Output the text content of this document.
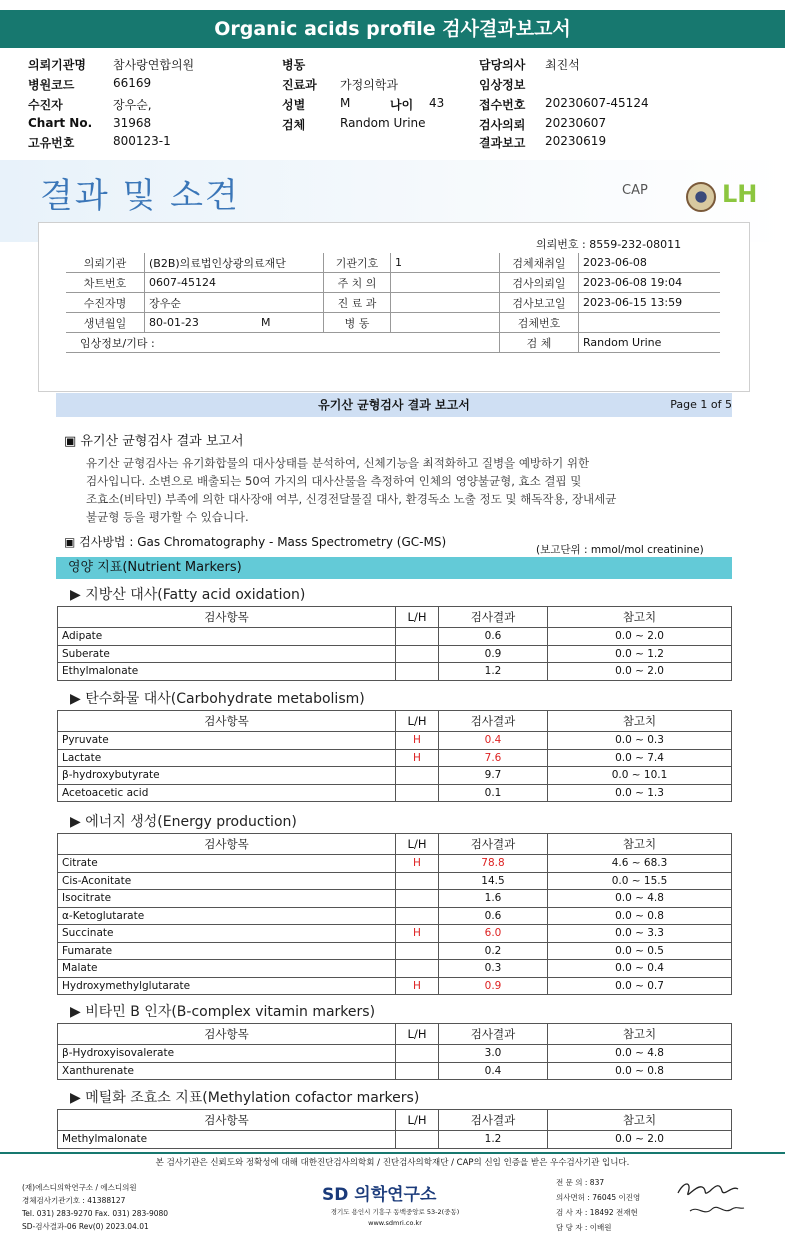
Organic acids profile 검사결과보고서
의뢰기관명 참사랑연합의원	병동	담당의사 최진석
병원코드	66169	진료과 가정의학과	임상정보
수진자	장우순,	성별	M	나이 43	접수번호 20230607-45124
Chart No. 31968	검체	Random Urine	검사의뢰 20230607
고유번호	800123-1	결과보고 20230619
결과 및 소견	CAP	LH
의뢰번호 : 8559-232-08011
의뢰기관	(B2B)의료법인상광의료재단	기관기호	1	검체채취일	2023-06-08
차트번호	0607-45124	주 치 의		검사의뢰일	2023-06-08 19:04
수진자명	장우순	진 료 과		검사보고일	2023-06-15 13:59
생년월일	80-01-23 M	병 동		검체번호	
임상정보/기타 :				검 체	Random Urine
유기산 균형검사 결과 보고서	Page 1 of 5
▣ 유기산 균형검사 결과 보고서
유기산 균형검사는 유기화합물의 대사상태를 분석하여, 신체기능을 최적화하고 질병을 예방하기 위한
검사입니다. 소변으로 배출되는 50여 가지의 대사산물을 측정하여 인체의 영양불균형, 효소 결핍 및
조효소(비타민) 부족에 의한 대사장애 여부, 신경전달물질 대사, 환경독소 노출 정도 및 해독작용, 장내세균
불균형 등을 평가할 수 있습니다.
▣ 검사방법 : Gas Chromatography - Mass Spectrometry (GC-MS)
(보고단위 : mmol/mol creatinine)
영양 지표(Nutrient Markers)
▶ 지방산 대사(Fatty acid oxidation)
검사항목	L/H	검사결과	참고치
Adipate		0.6	0.0 ~ 2.0
Suberate		0.9	0.0 ~ 1.2
Ethylmalonate		1.2	0.0 ~ 2.0
▶ 탄수화물 대사(Carbohydrate metabolism)
검사항목	L/H	검사결과	참고치
Pyruvate	H	0.4	0.0 ~ 0.3
Lactate	H	7.6	0.0 ~ 7.4
β-hydroxybutyrate		9.7	0.0 ~ 10.1
Acetoacetic acid		0.1	0.0 ~ 1.3
▶ 에너지 생성(Energy production)
검사항목	L/H	검사결과	참고치
Citrate	H	78.8	4.6 ~ 68.3
Cis-Aconitate		14.5	0.0 ~ 15.5
Isocitrate		1.6	0.0 ~ 4.8
α-Ketoglutarate		0.6	0.0 ~ 0.8
Succinate	H	6.0	0.0 ~ 3.3
Fumarate		0.2	0.0 ~ 0.5
Malate		0.3	0.0 ~ 0.4
Hydroxymethylglutarate	H	0.9	0.0 ~ 0.7
▶ 비타민 B 인자(B-complex vitamin markers)
검사항목	L/H	검사결과	참고치
β-Hydroxyisovalerate		3.0	0.0 ~ 4.8
Xanthurenate		0.4	0.0 ~ 0.8
▶ 메틸화 조효소 지표(Methylation cofactor markers)
검사항목	L/H	검사결과	참고치
Methylmalonate		1.2	0.0 ~ 2.0
본 검사기관은 신뢰도와 정확성에 대해 대한진단검사의학회 / 진단검사의학재단 / CAP의 신임 인증을 받은 우수검사기관 입니다.
(재)에스디의학연구소 / 에스디의원
경체검사기관기호 : 41388127
Tel. 031) 283-9270 Fax. 031) 283-9080
SD-검사결과-06 Rev(0) 2023.04.01
SD 의학연구소
경기도 용인시 기흥구 동백중앙로 53-2(중동)
www.sdmri.co.kr
전 문 의 : 837
의사면허 : 76045 이진영
검 사 자 : 18492 전재현
담 당 자 : 이배원
